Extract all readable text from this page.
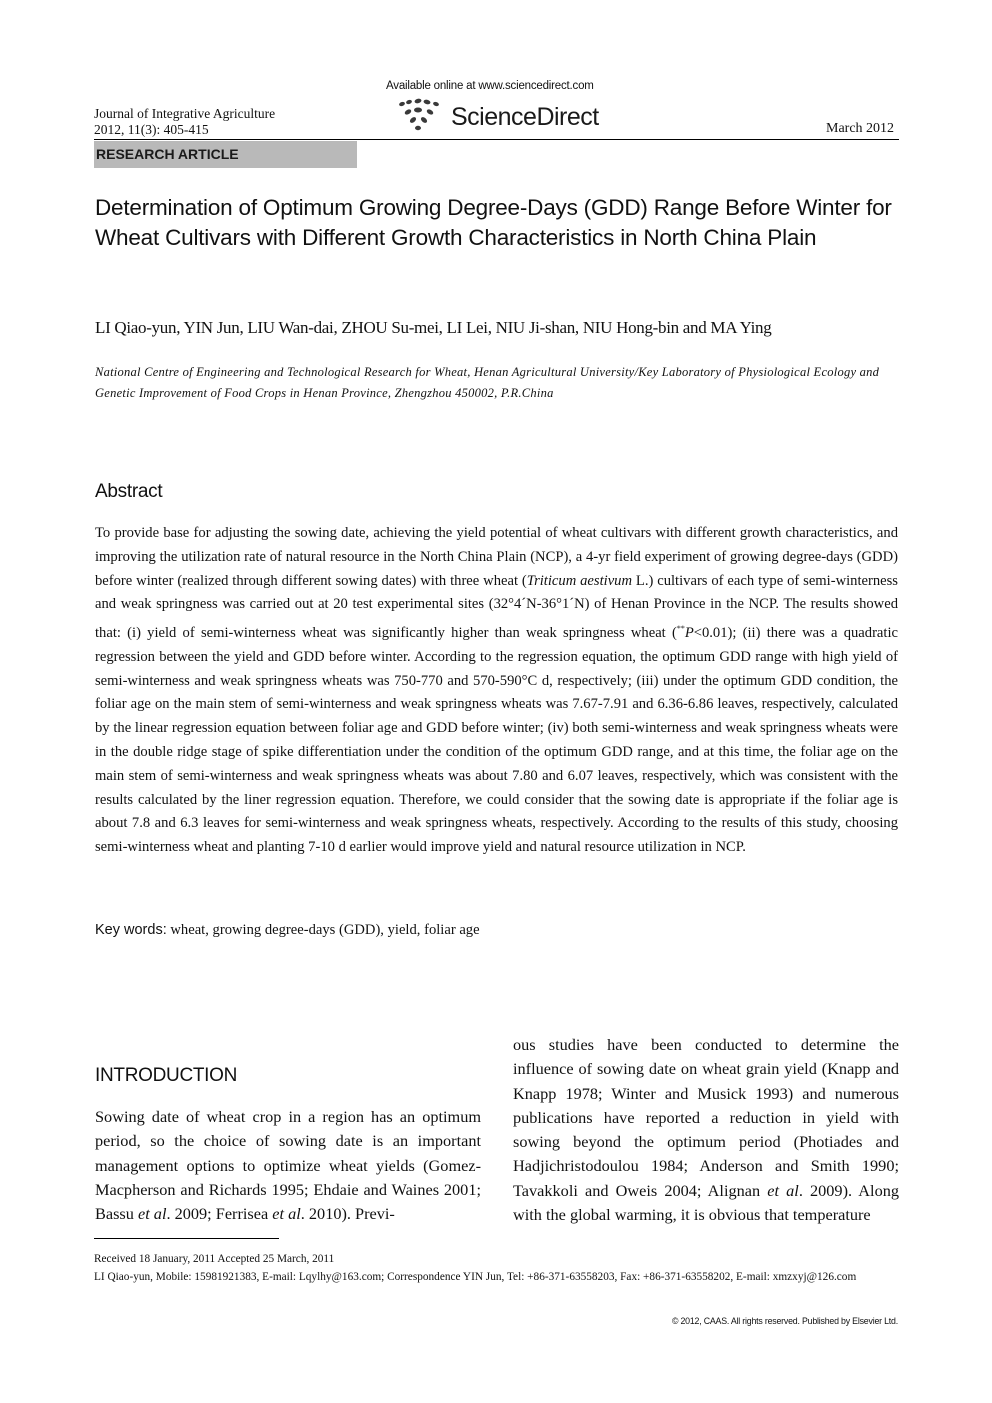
Journal of Integrative Agriculture
2012, 11(3): 405-415
Available online at www.sciencedirect.com
ScienceDirect	March 2012
RESEARCH ARTICLE
Determination of Optimum Growing Degree-Days (GDD) Range Before Winter for Wheat Cultivars with Different Growth Characteristics in North China Plain
LI Qiao-yun, YIN Jun, LIU Wan-dai, ZHOU Su-mei, LI Lei, NIU Ji-shan, NIU Hong-bin and MA Ying
National Centre of Engineering and Technological Research for Wheat, Henan Agricultural University/Key Laboratory of Physiological Ecology and Genetic Improvement of Food Crops in Henan Province, Zhengzhou 450002, P.R.China
Abstract

To provide base for adjusting the sowing date, achieving the yield potential of wheat cultivars with different growth characteristics, and improving the utilization rate of natural resource in the North China Plain (NCP), a 4-yr field experiment of growing degree-days (GDD) before winter (realized through different sowing dates) with three wheat (Triticum aestivum L.) cultivars of each type of semi-winterness and weak springness was carried out at 20 test experimental sites (32°4´N-36°1´N) of Henan Province in the NCP. The results showed that: (i) yield of semi-winterness wheat was significantly higher than weak springness wheat (**P<0.01); (ii) there was a quadratic regression between the yield and GDD before winter. According to the regression equation, the optimum GDD range with high yield of semi-winterness and weak springness wheats was 750-770 and 570-590°C d, respectively; (iii) under the optimum GDD condition, the foliar age on the main stem of semi-winterness and weak springness wheats was 7.67-7.91 and 6.36-6.86 leaves, respectively, calculated by the linear regression equation between foliar age and GDD before winter; (iv) both semi-winterness and weak springness wheats were in the double ridge stage of spike differentiation under the condition of the optimum GDD range, and at this time, the foliar age on the main stem of semi-winterness and weak springness wheats was about 7.80 and 6.07 leaves, respectively, which was consistent with the results calculated by the liner regression equation. Therefore, we could consider that the sowing date is appropriate if the foliar age is about 7.8 and 6.3 leaves for semi-winterness and weak springness wheats, respectively. According to the results of this study, choosing semi-winterness wheat and planting 7-10 d earlier would improve yield and natural resource utilization in NCP.

Key words: wheat, growing degree-days (GDD), yield, foliar age
INTRODUCTION

Sowing date of wheat crop in a region has an optimum period, so the choice of sowing date is an important management options to optimize wheat yields (Gomez-Macpherson and Richards 1995; Ehdaie and Waines 2001; Bassu et al. 2009; Ferrisea et al. 2010). Previ-

ous studies have been conducted to determine the influence of sowing date on wheat grain yield (Knapp and Knapp 1978; Winter and Musick 1993) and numerous publications have reported a reduction in yield with sowing beyond the optimum period (Photiades and Hadjichristodoulou 1984; Anderson and Smith 1990; Tavakkoli and Oweis 2004; Alignan et al. 2009). Along with the global warming, it is obvious that temperature

Received 18 January, 2011 Accepted 25 March, 2011
LI Qiao-yun, Mobile: 15981921383, E-mail: Lqylhy@163.com; Correspondence YIN Jun, Tel: +86-371-63558203, Fax: +86-371-63558202, E-mail: xmzxyj@126.com
© 2012, CAAS. All rights reserved. Published by Elsevier Ltd.
